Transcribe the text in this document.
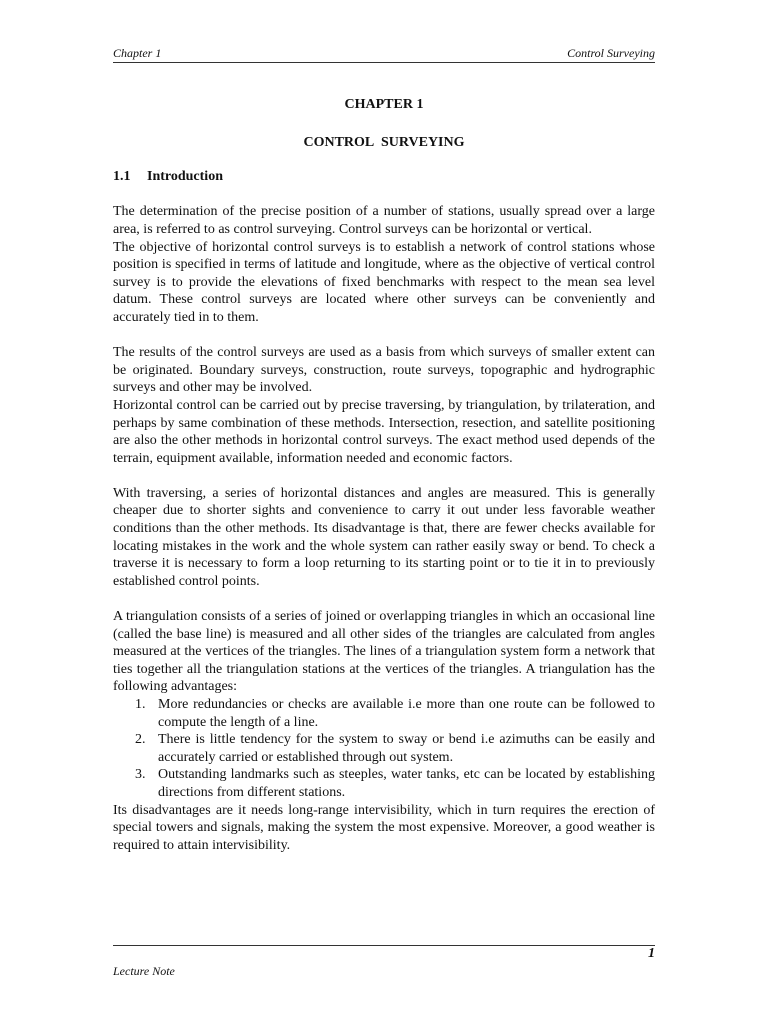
Chapter 1	Control Surveying
CHAPTER 1
CONTROL SURVEYING
1.1 Introduction

The determination of the precise position of a number of stations, usually spread over a large area, is referred to as control surveying. Control surveys can be horizontal or vertical.

The objective of horizontal control surveys is to establish a network of control stations whose position is specified in terms of latitude and longitude, where as the objective of vertical control survey is to provide the elevations of fixed benchmarks with respect to the mean sea level datum. These control surveys are located where other surveys can be conveniently and accurately tied in to them.

The results of the control surveys are used as a basis from which surveys of smaller extent can be originated. Boundary surveys, construction, route surveys, topographic and hydrographic surveys and other may be involved.

Horizontal control can be carried out by precise traversing, by triangulation, by trilateration, and perhaps by same combination of these methods. Intersection, resection, and satellite positioning are also the other methods in horizontal control surveys. The exact method used depends of the terrain, equipment available, information needed and economic factors.

With traversing, a series of horizontal distances and angles are measured. This is generally cheaper due to shorter sights and convenience to carry it out under less favorable weather conditions than the other methods. Its disadvantage is that, there are fewer checks available for locating mistakes in the work and the whole system can rather easily sway or bend. To check a traverse it is necessary to form a loop returning to its starting point or to tie it in to previously established control points.

A triangulation consists of a series of joined or overlapping triangles in which an occasional line (called the base line) is measured and all other sides of the triangles are calculated from angles measured at the vertices of the triangles. The lines of a triangulation system form a network that ties together all the triangulation stations at the vertices of the triangles. A triangulation has the following advantages:

1. More redundancies or checks are available i.e more than one route can be followed to compute the length of a line.
2. There is little tendency for the system to sway or bend i.e azimuths can be easily and accurately carried or established through out system.
3. Outstanding landmarks such as steeples, water tanks, etc can be located by establishing directions from different stations.

Its disadvantages are it needs long-range intervisibility, which in turn requires the erection of special towers and signals, making the system the most expensive. Moreover, a good weather is required to attain intervisibility.

1
Lecture Note
